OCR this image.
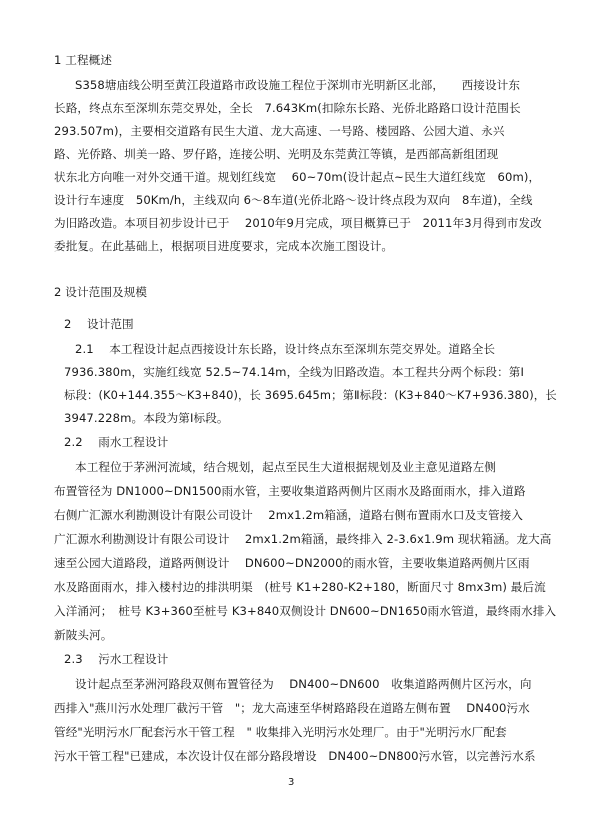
1 工程概述
S358塘庙线公明至黄江段道路市政设施工程位于深圳市光明新区北部，　　西接设计东
长路，终点东至深圳东莞交界处，全长　7.643Km(扣除东长路、光侨北路路口设计范围长
293.507m)，主要相交道路有民生大道、龙大高速、一号路、楼园路、公园大道、永兴
路、光侨路、圳美一路、罗仔路，连接公明、光明及东莞黄江等镇，是西部高新组团现
状东北方向唯一对外交通干道。规划红线宽　 60~70m(设计起点~民生大道红线宽　60m)，
设计行车速度　50Km/h，主线双向 6～8车道(光侨北路～设计终点段为双向　8车道)，全线
为旧路改造。本项目初步设计已于　 2010年9月完成，项目概算已于　2011年3月得到市发改
委批复。在此基础上，根据项目进度要求，完成本次施工图设计。
2 设计范围及规模
2　 设计范围
2.1　 本工程设计起点西接设计东长路，设计终点东至深圳东莞交界处。道路全长
7936.380m，实施红线宽 52.5~74.14m，全线为旧路改造。本工程共分两个标段：第Ⅰ
标段：(K0+144.355～K3+840)，长 3695.645m；第Ⅱ标段：(K3+840～K7+936.380)，长
3947.228m。本段为第Ⅰ标段。
2.2　 雨水工程设计
本工程位于茅洲河流域，结合规划，起点至民生大道根据规划及业主意见道路左侧
布置管径为 DN1000~DN1500雨水管，主要收集道路两侧片区雨水及路面雨水，排入道路
右侧广汇源水利勘测设计有限公司设计　 2mx1.2m箱涵，道路右侧布置雨水口及支管接入
广汇源水利勘测设计有限公司设计　 2mx1.2m箱涵，最终排入 2-3.6x1.9m 现状箱涵。龙大高
速至公园大道路段，道路两侧设计　 DN600~DN2000的雨水管，主要收集道路两侧片区雨
水及路面雨水，排入楼村边的排洪明渠　(桩号 K1+280-K2+180，断面尺寸 8mx3m) 最后流
入洋涌河；　桩号 K3+360至桩号 K3+840双侧设计 DN600~DN1650雨水管道，最终雨水排入
新陂头河。
2.3　 污水工程设计
设计起点至茅洲河路段双侧布置管径为　 DN400~DN600　收集道路两侧片区污水，向
西排入"燕川污水处理厂截污干管　"；龙大高速至华树路路段在道路左侧布置　 DN400污水
管经"光明污水厂配套污水干管工程　" 收集排入光明污水处理厂。由于"光明污水厂配套
污水干管工程"已建成，本次设计仅在部分路段增设　DN400~DN800污水管，以完善污水系
3
